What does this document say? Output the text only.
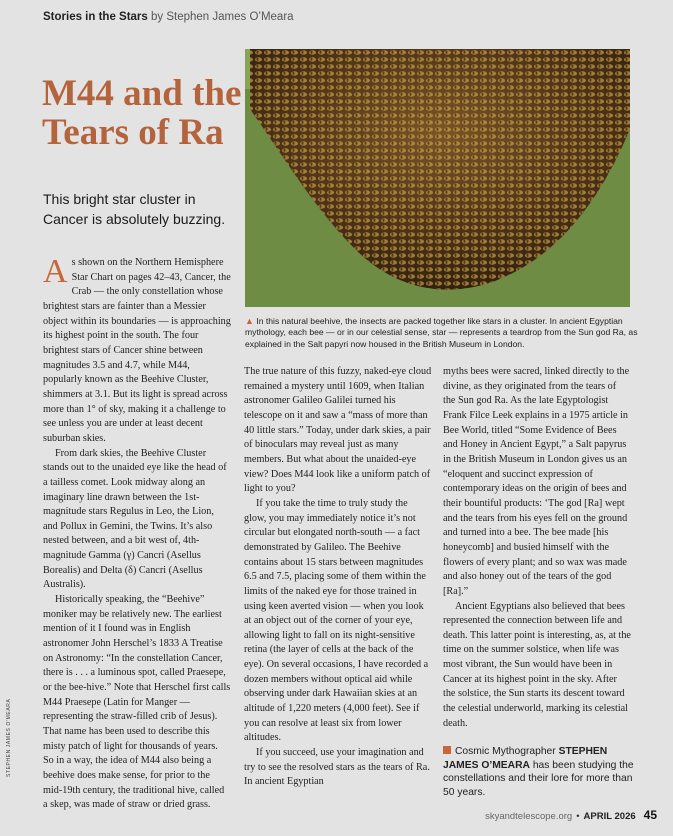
Stories in the Stars by Stephen James O’Meara
M44 and the Tears of Ra
This bright star cluster in Cancer is absolutely buzzing.
▲ In this natural beehive, the insects are packed together like stars in a cluster. In ancient Egyptian mythology, each bee — or in our celestial sense, star — represents a teardrop from the Sun god Ra, as explained in the Salt papyri now housed in the British Museum in London.

As shown on the Northern Hemisphere Star Chart on pages 42–43, Cancer, the Crab — the only constellation whose brightest stars are fainter than a Messier object within its boundaries — is approaching its highest point in the south. The four brightest stars of Cancer shine between magnitudes 3.5 and 4.7, while M44, popularly known as the Beehive Cluster, shimmers at 3.1. But its light is spread across more than 1° of sky, making it a challenge to see unless you are under at least decent suburban skies.

From dark skies, the Beehive Cluster stands out to the unaided eye like the head of a tailless comet. Look midway along an imaginary line drawn between the 1st-magnitude stars Regulus in Leo, the Lion, and Pollux in Gemini, the Twins. It’s also nested between, and a bit west of, 4th-magnitude Gamma (γ) Cancri (Asellus Borealis) and Delta (δ) Cancri (Asellus Australis).

Historically speaking, the “Beehive” moniker may be relatively new. The earliest mention of it I found was in English astronomer John Herschel’s 1833 A Treatise on Astronomy: “In the constellation Cancer, there is . . . a luminous spot, called Praesepe, or the bee-hive.” Note that Herschel first calls M44 Praesepe (Latin for Manger — representing the straw-filled crib of Jesus). That name has been used to describe this misty patch of light for thousands of years. So in a way, the idea of M44 also being a beehive does make sense, for prior to the mid-19th century, the traditional hive, called a skep, was made of straw or dried grass.

The true nature of this fuzzy, naked-eye cloud remained a mystery until 1609, when Italian astronomer Galileo Galilei turned his telescope on it and saw a “mass of more than 40 little stars.” Today, under dark skies, a pair of binoculars may reveal just as many members. But what about the unaided-eye view? Does M44 look like a uniform patch of light to you?

If you take the time to truly study the glow, you may immediately notice it’s not circular but elongated north-south — a fact demonstrated by Galileo. The Beehive contains about 15 stars between magnitudes 6.5 and 7.5, placing some of them within the limits of the naked eye for those trained in using keen averted vision — when you look at an object out of the corner of your eye, allowing light to fall on its night-sensitive retina (the layer of cells at the back of the eye). On several occasions, I have recorded a dozen members without optical aid while observing under dark Hawaiian skies at an altitude of 1,220 meters (4,000 feet). See if you can resolve at least six from lower altitudes.

If you succeed, use your imagination and try to see the resolved stars as the tears of Ra. In ancient Egyptian

myths bees were sacred, linked directly to the divine, as they originated from the tears of the Sun god Ra. As the late Egyptologist Frank Filce Leek explains in a 1975 article in Bee World, titled “Some Evidence of Bees and Honey in Ancient Egypt,” a Salt papyrus in the British Museum in London gives us an “eloquent and succinct expression of contemporary ideas on the origin of bees and their bountiful products: ‘The god [Ra] wept and the tears from his eyes fell on the ground and turned into a bee. The bee made [his honeycomb] and busied himself with the flowers of every plant; and so wax was made and also honey out of the tears of the god [Ra].”

Ancient Egyptians also believed that bees represented the connection between life and death. This latter point is interesting, as, at the time on the summer solstice, when life was most vibrant, the Sun would have been in Cancer at its highest point in the sky. After the solstice, the Sun starts its descent toward the celestial underworld, marking its celestial death.

Cosmic Mythographer STEPHEN JAMES O’MEARA has been studying the constellations and their lore for more than 50 years.
STEPHEN JAMES O’MEARA
skyandtelescope.org • APRIL 2026 45
